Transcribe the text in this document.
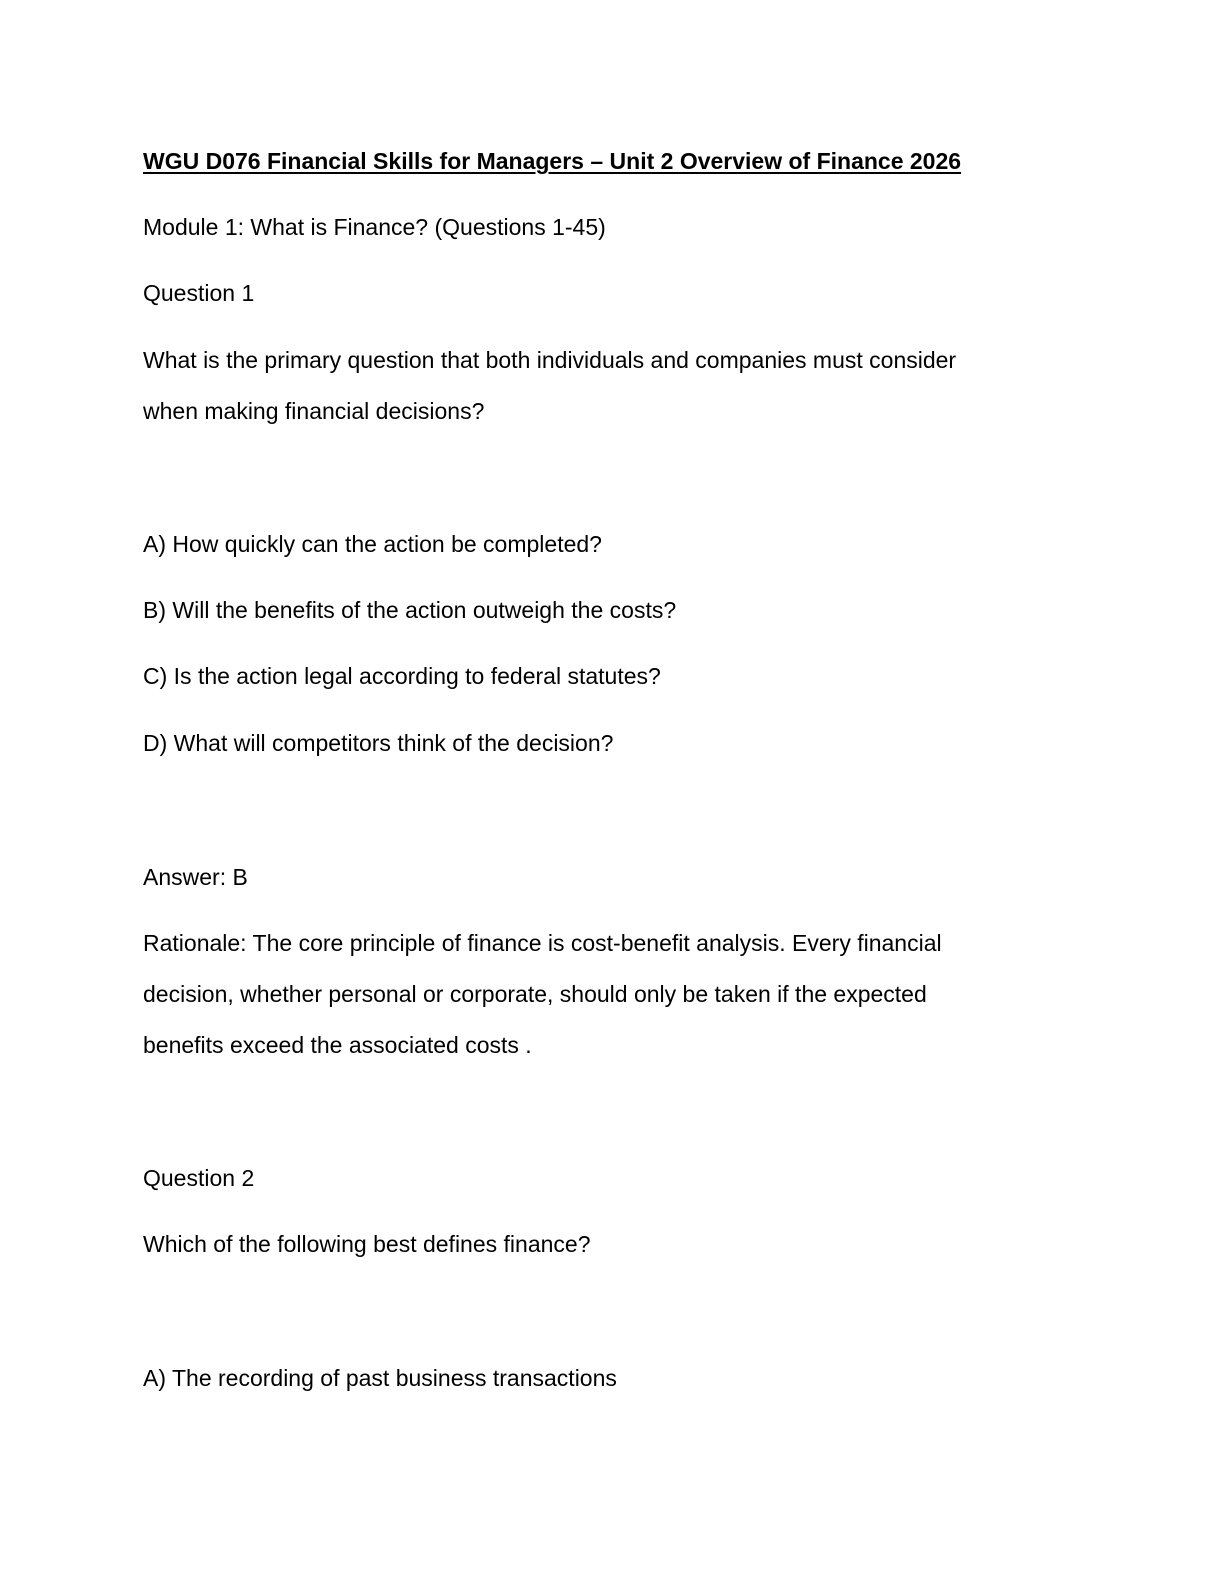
WGU D076 Financial Skills for Managers – Unit 2 Overview of Finance 2026

Module 1: What is Finance? (Questions 1-45)

Question 1

What is the primary question that both individuals and companies must consider

when making financial decisions?

A) How quickly can the action be completed?

B) Will the benefits of the action outweigh the costs?

C) Is the action legal according to federal statutes?

D) What will competitors think of the decision?

Answer: B

Rationale: The core principle of finance is cost-benefit analysis. Every financial

decision, whether personal or corporate, should only be taken if the expected

benefits exceed the associated costs .

Question 2

Which of the following best defines finance?

A) The recording of past business transactions
